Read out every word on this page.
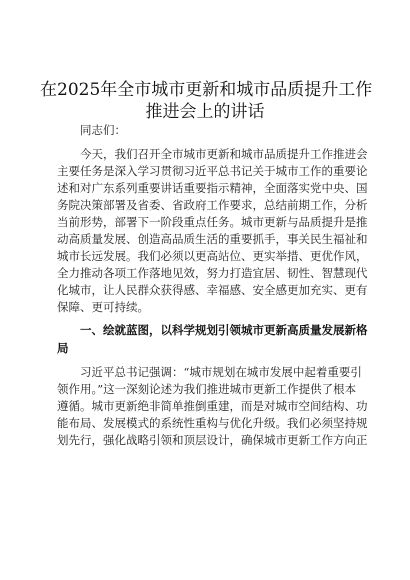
在2025年全市城市更新和城市品质提升工作
推进会上的讲话
同志们：
今天，我们召开全市城市更新和城市品质提升工作推进会
主要任务是深入学习贯彻习近平总书记关于城市工作的重要论
述和对广东系列重要讲话重要指示精神，全面落实党中央、国
务院决策部署及省委、省政府工作要求，总结前期工作，分析
当前形势，部署下一阶段重点任务。城市更新与品质提升是推
动高质量发展、创造高品质生活的重要抓手，事关民生福祉和
城市长远发展。我们必须以更高站位、更实举措、更优作风，
全力推动各项工作落地见效，努力打造宜居、韧性、智慧现代
化城市，让人民群众获得感、幸福感、安全感更加充实、更有
保障、更可持续。
一、绘就蓝图，以科学规划引领城市更新高质量发展新格
局
习近平总书记强调：“城市规划在城市发展中起着重要引
领作用。”这一深刻论述为我们推进城市更新工作提供了根本
遵循。城市更新绝非简单推倒重建，而是对城市空间结构、功
能布局、发展模式的系统性重构与优化升级。我们必须坚持规
划先行，强化战略引领和顶层设计，确保城市更新工作方向正
